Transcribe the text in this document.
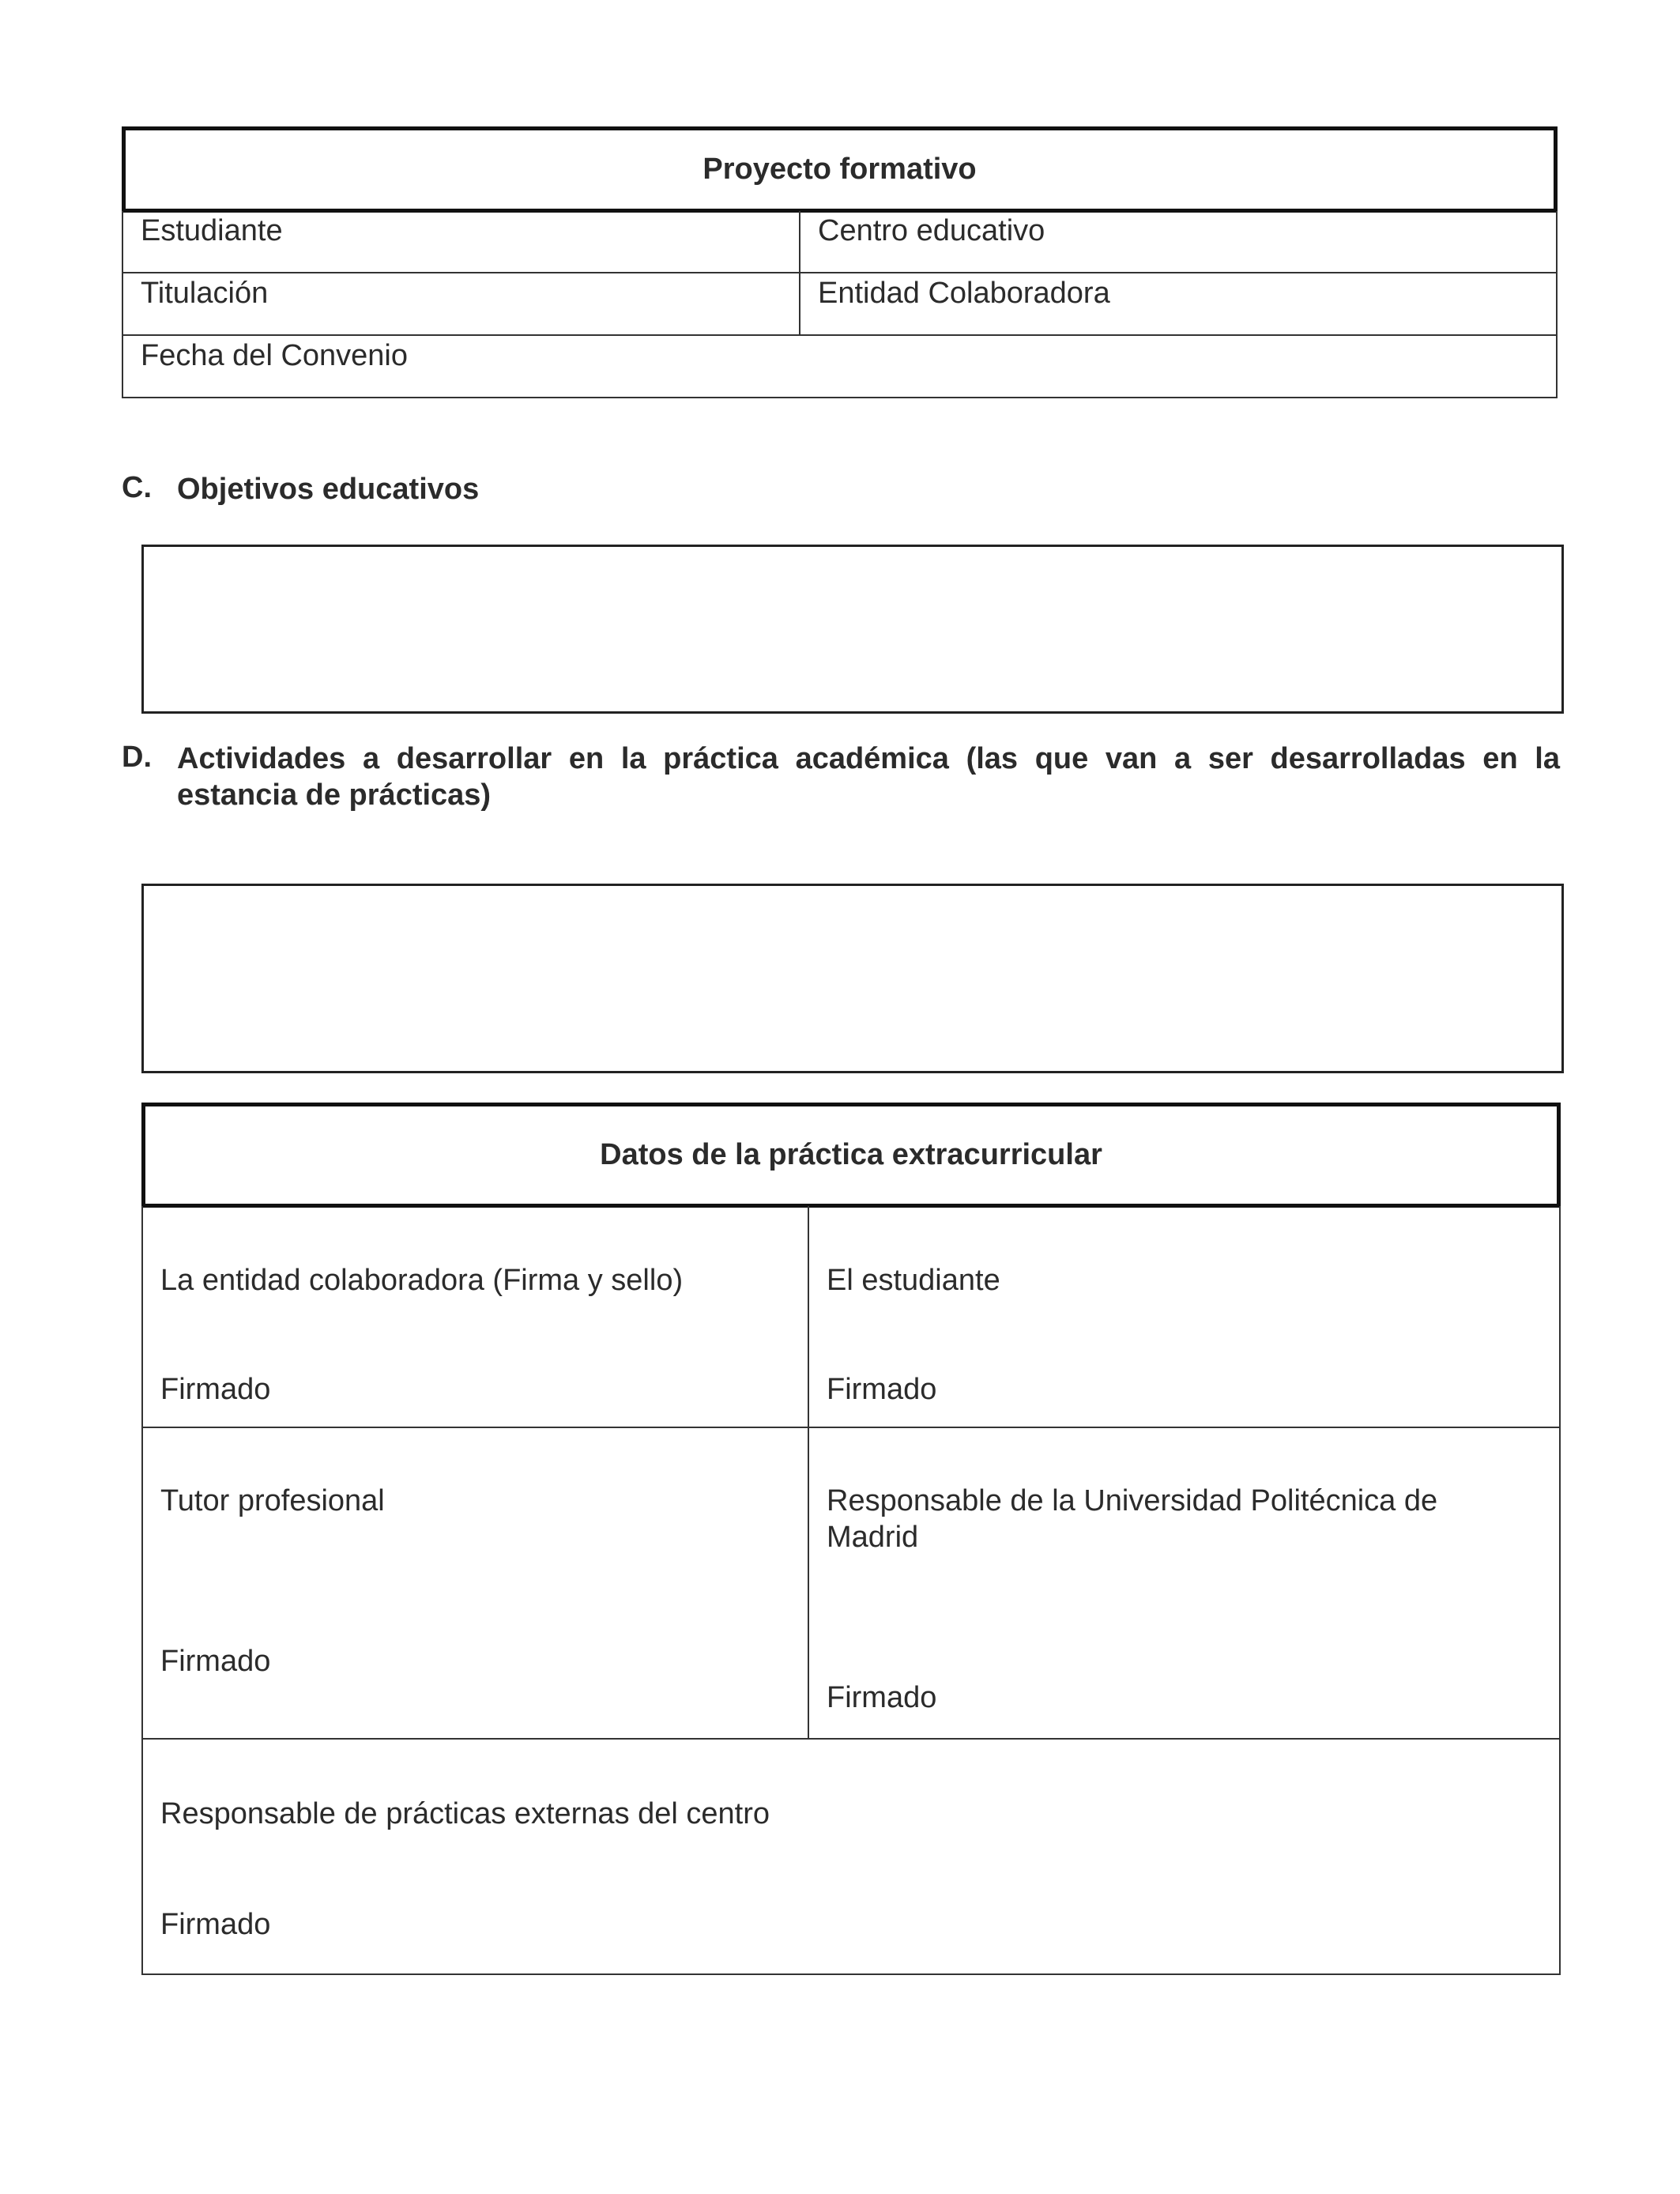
Proyecto formativo
Estudiante	Centro educativo
Titulación	Entidad Colaboradora
Fecha del Convenio
C. Objetivos educativos
D. Actividades a desarrollar en la práctica académica (las que van a ser desarrolladas en la estancia de prácticas)
Datos de la práctica extracurricular
La entidad colaboradora (Firma y sello)
Firmado
El estudiante
Firmado
Tutor profesional
Firmado
Responsable de la Universidad Politécnica de Madrid
Firmado
Responsable de prácticas externas del centro
Firmado
